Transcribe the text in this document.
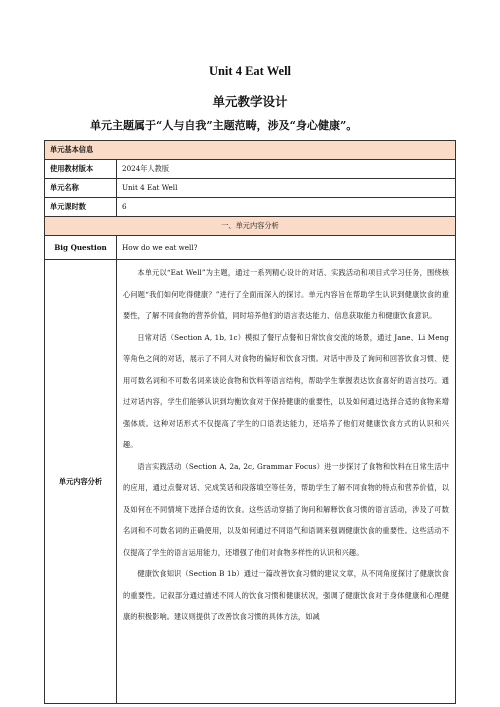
Unit 4 Eat Well
单元教学设计
单元主题属于“人与自我”主题范畴，涉及“身心健康”。
单元基本信息	
使用教材版本	2024年人教版
单元名称	Unit 4 Eat Well
单元课时数	6
一、单元内容分析	
Big Question	How do we eat well?
单元内容分析	本单元以“Eat Well”为主题，通过一系列精心设计的对话、实践活动和项目式学习任务，围绕核心问题“我们如何吃得健康？”进行了全面而深入的探讨。单元内容旨在帮助学生认识到健康饮食的重要性，了解不同食物的营养价值，同时培养他们的语言表达能力、信息获取能力和健康饮食意识。

日常对话（Section A, 1b, 1c）模拟了餐厅点餐和日常饮食交流的场景，通过 Jane、Li Meng 等角色之间的对话，展示了不同人对食物的偏好和饮食习惯。对话中涉及了询问和回答饮食习惯、使用可数名词和不可数名词来谈论食物和饮料等语言结构，帮助学生掌握表达饮食喜好的语言技巧。通过对话内容，学生们能够认识到均衡饮食对于保持健康的重要性，以及如何通过选择合适的食物来增强体质。这种对话形式不仅提高了学生的口语表达能力，还培养了他们对健康饮食方式的认识和兴趣。

语言实践活动（Section A, 2a, 2c, Grammar Focus）进一步探讨了食物和饮料在日常生活中的应用，通过点餐对话、完成笑话和段落填空等任务，帮助学生了解不同食物的特点和营养价值，以及如何在不同情境下选择合适的饮食。这些活动穿插了询问和解释饮食习惯的语言活动，涉及了可数名词和不可数名词的正确使用，以及如何通过不同语气和语调来强调健康饮食的重要性。这些活动不仅提高了学生的语言运用能力，还增强了他们对食物多样性的认识和兴趣。

健康饮食知识（Section B 1b）通过一篇改善饮食习惯的建议文章，从不同角度探讨了健康饮食的重要性。记叙部分通过描述不同人的饮食习惯和健康状况，强调了健康饮食对于身体健康和心理健康的积极影响。建议则提供了改善饮食习惯的具体方法，如减
